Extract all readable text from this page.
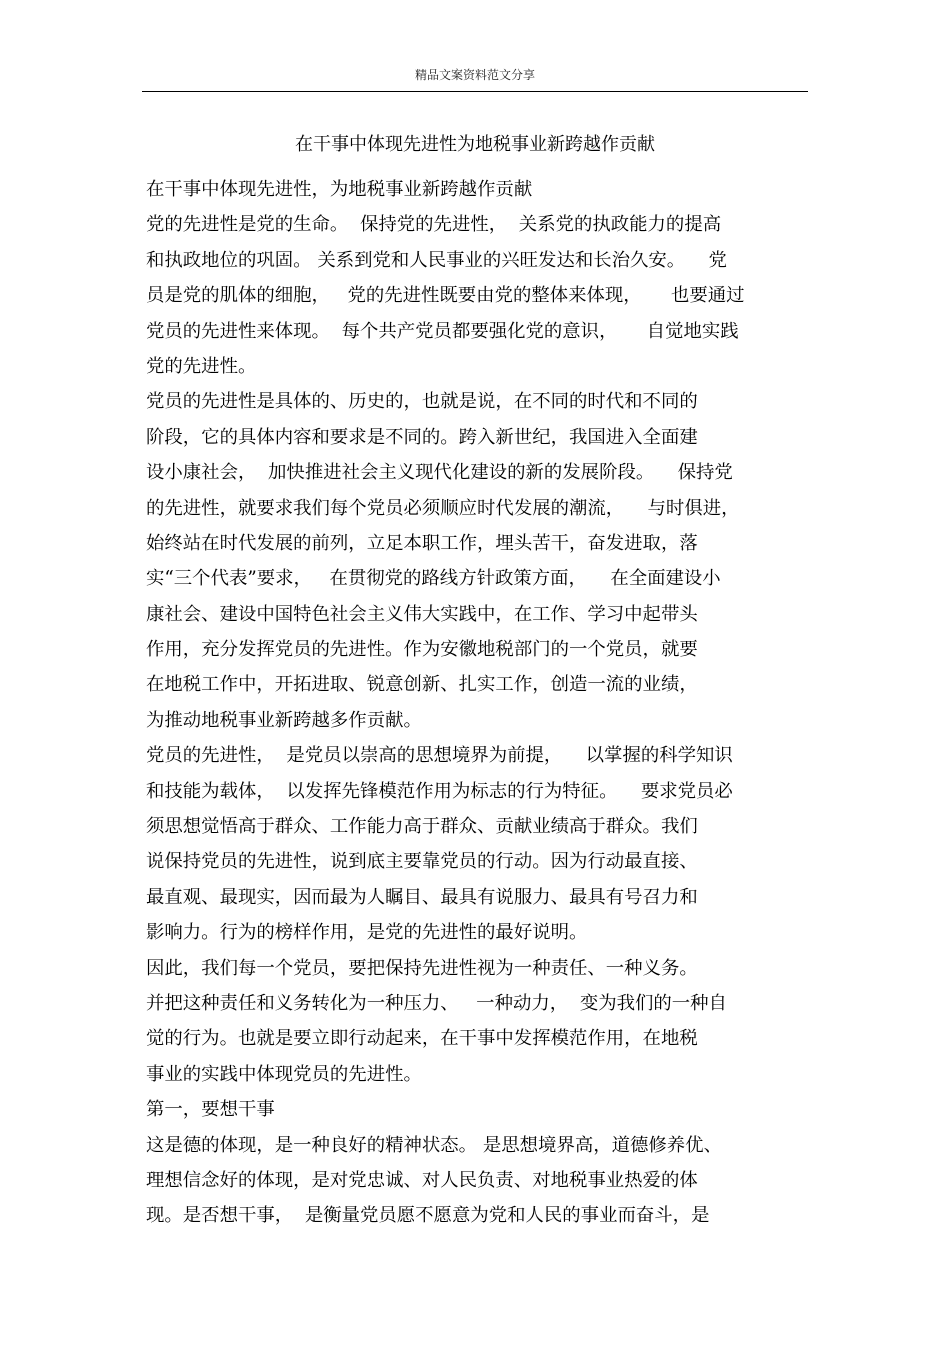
精品文案资料范文分享
在干事中体现先进性为地税事业新跨越作贡献
在干事中体现先进性，为地税事业新跨越作贡献
党的先进性是党的生命。  保持党的先进性，  关系党的执政能力的提高
和执政地位的巩固。 关系到党和人民事业的兴旺发达和长治久安。    党
员是党的肌体的细胞，   党的先进性既要由党的整体来体现，     也要通过
党员的先进性来体现。  每个共产党员都要强化党的意识，     自觉地实践
党的先进性。
党员的先进性是具体的、历史的，也就是说，在不同的时代和不同的
阶段，它的具体内容和要求是不同的。跨入新世纪，我国进入全面建
设小康社会，  加快推进社会主义现代化建设的新的发展阶段。    保持党
的先进性，就要求我们每个党员必须顺应时代发展的潮流，    与时俱进，
始终站在时代发展的前列，立足本职工作，埋头苦干，奋发进取，落
实“三个代表”要求，   在贯彻党的路线方针政策方面，    在全面建设小
康社会、建设中国特色社会主义伟大实践中，在工作、学习中起带头
作用，充分发挥党员的先进性。作为安徽地税部门的一个党员，就要
在地税工作中，开拓进取、锐意创新、扎实工作，创造一流的业绩，
为推动地税事业新跨越多作贡献。
党员的先进性，  是党员以崇高的思想境界为前提，    以掌握的科学知识
和技能为载体，  以发挥先锋模范作用为标志的行为特征。    要求党员必
须思想觉悟高于群众、工作能力高于群众、贡献业绩高于群众。我们
说保持党员的先进性，说到底主要靠党员的行动。因为行动最直接、
最直观、最现实，因而最为人瞩目、最具有说服力、最具有号召力和
影响力。行为的榜样作用，是党的先进性的最好说明。
因此，我们每一个党员，要把保持先进性视为一种责任、一种义务。
并把这种责任和义务转化为一种压力、   一种动力，  变为我们的一种自
觉的行为。也就是要立即行动起来，在干事中发挥模范作用，在地税
事业的实践中体现党员的先进性。
第一，要想干事
这是德的体现，是一种良好的精神状态。 是思想境界高，道德修养优、
理想信念好的体现，是对党忠诚、对人民负责、对地税事业热爱的体
现。是否想干事，  是衡量党员愿不愿意为党和人民的事业而奋斗，是
